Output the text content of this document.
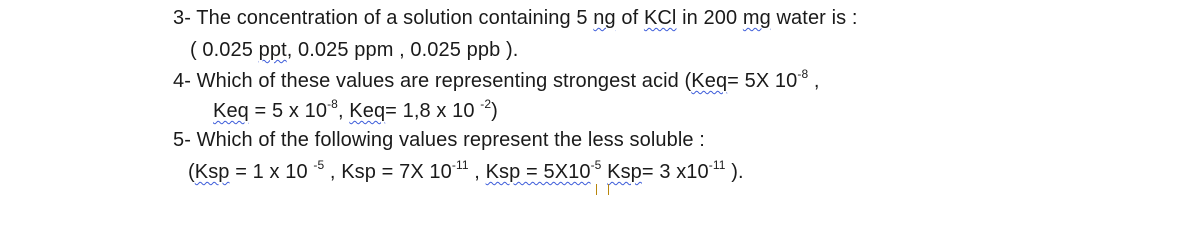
3- The concentration of a solution containing 5 ng of KCl in 200 mg water is :
( 0.025 ppt, 0.025 ppm , 0.025 ppb ).
4- Which of these values are representing strongest acid (Keq= 5X $10^{-8}$ ,
Keq = 5 x $10^{-8}$, Keq= 1,8 x 10 $^{-2}$)
5- Which of the following values represent the less soluble :
(Ksp = 1 x 10 $^{-5}$ , Ksp = 7X $10^{-11}$ , Ksp = $5X10^{-5}$ Ksp= 3 $x10^{-11}$ ).
